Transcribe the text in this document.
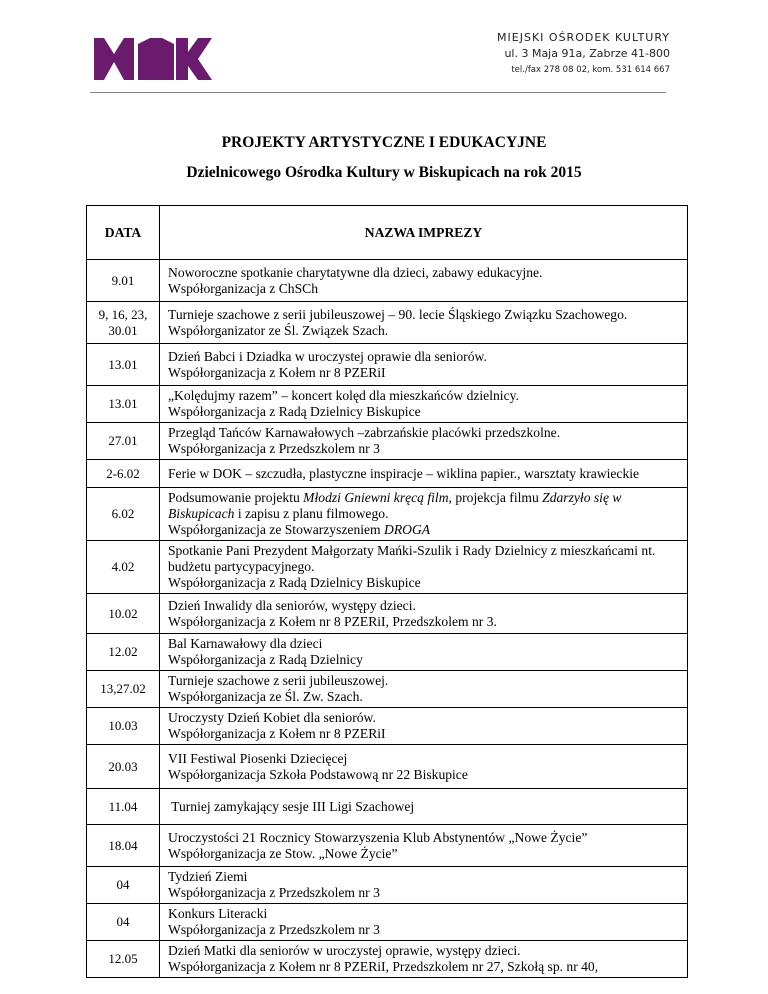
MIEJSKI OŚRODEK KULTURY
ul. 3 Maja 91a, Zabrze 41-800
tel./fax 278 08 02, kom. 531 614 667
PROJEKTY ARTYSTYCZNE I EDUKACYJNE
Dzielnicowego Ośrodka Kultury w Biskupicach na rok 2015
DATA	NAZWA IMPREZY
9.01	Noworoczne spotkanie charytatywne dla dzieci, zabawy edukacyjne.
Współorganizacja z ChSCh

9, 16, 23, 30.01	Turnieje szachowe z serii jubileuszowej – 90. lecie Śląskiego Związku Szachowego.
Współorganizator ze Śl. Związek Szach.

13.01	Dzień Babci i Dziadka w uroczystej oprawie dla seniorów.
Współorganizacja z Kołem nr 8 PZERiI

13.01	„Kolędujmy razem” – koncert kolęd dla mieszkańców dzielnicy.
Współorganizacja z Radą Dzielnicy Biskupice

27.01	Przegląd Tańców Karnawałowych –zabrzańskie placówki przedszkolne.
Współorganizacja z Przedszkolem nr 3

2-6.02	Ferie w DOK – szczudła, plastyczne inspiracje – wiklina papier., warsztaty krawieckie

6.02	Podsumowanie projektu Młodzi Gniewni kręcą film, projekcja filmu Zdarzyło się w Biskupicach i zapisu z planu filmowego.
Współorganizacja ze Stowarzyszeniem DROGA

4.02	Spotkanie Pani Prezydent Małgorzaty Mańki-Szulik i Rady Dzielnicy z mieszkańcami nt. budżetu partycypacyjnego.
Współorganizacja z Radą Dzielnicy Biskupice

10.02	Dzień Inwalidy dla seniorów, występy dzieci.
Współorganizacja z Kołem nr 8 PZERiI, Przedszkolem nr 3.

12.02	Bal Karnawałowy dla dzieci
Współorganizacja z Radą Dzielnicy

13,27.02	Turnieje szachowe z serii jubileuszowej.
Współorganizacja ze Śl. Zw. Szach.

10.03	Uroczysty Dzień Kobiet dla seniorów.
Współorganizacja z Kołem nr 8 PZERiI

20.03	VII Festiwal Piosenki Dziecięcej
Współorganizacja Szkoła Podstawową nr 22 Biskupice

11.04	Turniej zamykający sesje III Ligi Szachowej

18.04	Uroczystości 21 Rocznicy Stowarzyszenia Klub Abstynentów „Nowe Życie”
Współorganizacja ze Stow. „Nowe Życie”

04	Tydzień Ziemi
Współorganizacja z Przedszkolem nr 3

04	Konkurs Literacki
Współorganizacja z Przedszkolem nr 3

12.05	Dzień Matki dla seniorów w uroczystej oprawie, występy dzieci.
Współorganizacja z Kołem nr 8 PZERiI, Przedszkolem nr 27, Szkołą sp. nr 40,
